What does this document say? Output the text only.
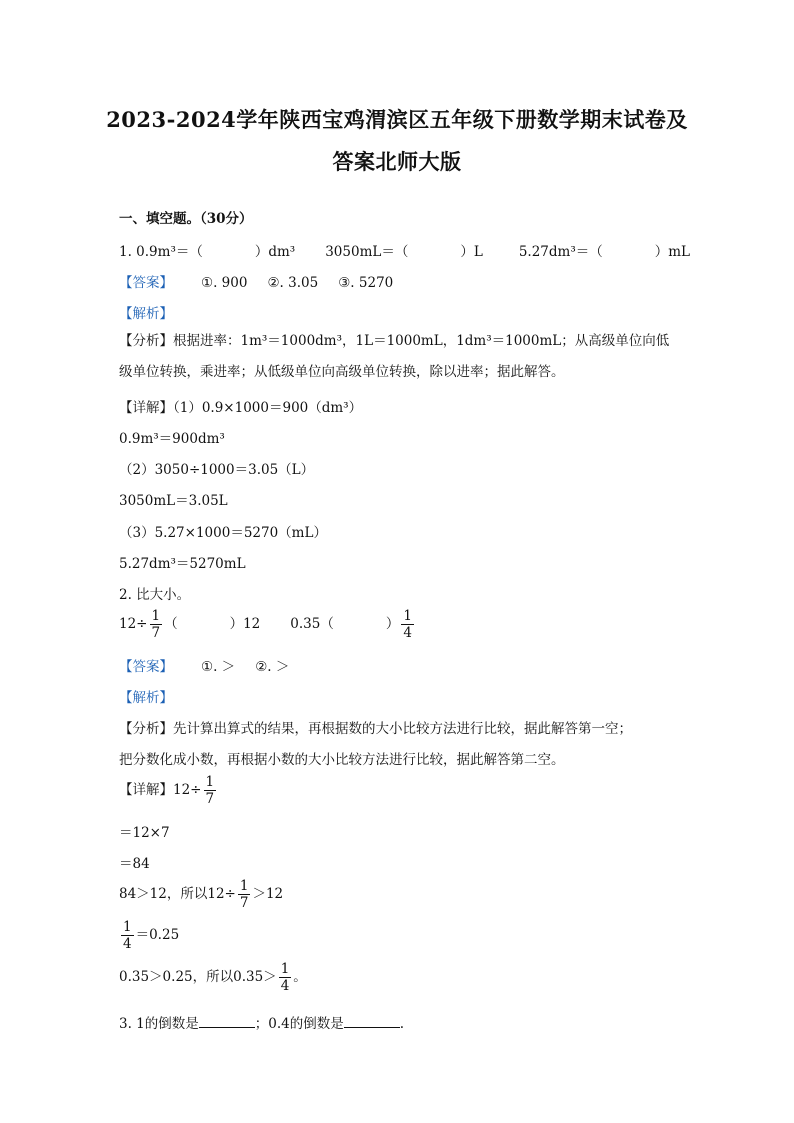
2023-2024学年陕西宝鸡渭滨区五年级下册数学期末试卷及
答案北师大版
一、填空题。（30分）
1. 0.9m³＝（	）dm³ 3050mL＝（	）L	5.27dm³＝（	）mL
【答案】 ①. 900 ②. 3.05 ③. 5270
【解析】
【分析】根据进率：1m³＝1000dm³，1L＝1000mL，1dm³＝1000mL；从高级单位向低级单位转换，乘进率；从低级单位向高级单位转换，除以进率；据此解答。
【详解】（1）0.9×1000＝900（dm³）
0.9m³＝900dm³
（2）3050÷1000＝3.05（L）
3050mL＝3.05L
（3）5.27×1000＝5270（mL）
5.27dm³＝5270mL
2. 比大小。
$12\div \frac{1}{7}$ （	）12 0.35（	） $\frac{1}{4}$
【答案】 ①. ＞ ②. ＞
【解析】
【分析】先计算出算式的结果，再根据数的大小比较方法进行比较，据此解答第一空；
把分数化成小数，再根据小数的大小比较方法进行比较，据此解答第二空。
【详解】$12\div \frac{1}{7}$
＝12×7
＝84
84＞12，所以$12\div \frac{1}{7} >12$
$\frac{1}{4} =0.25$
0.35＞0.25，所以$0.35> \frac{1}{4}$ 。
3. 1的倒数是	；0.4的倒数是	.
